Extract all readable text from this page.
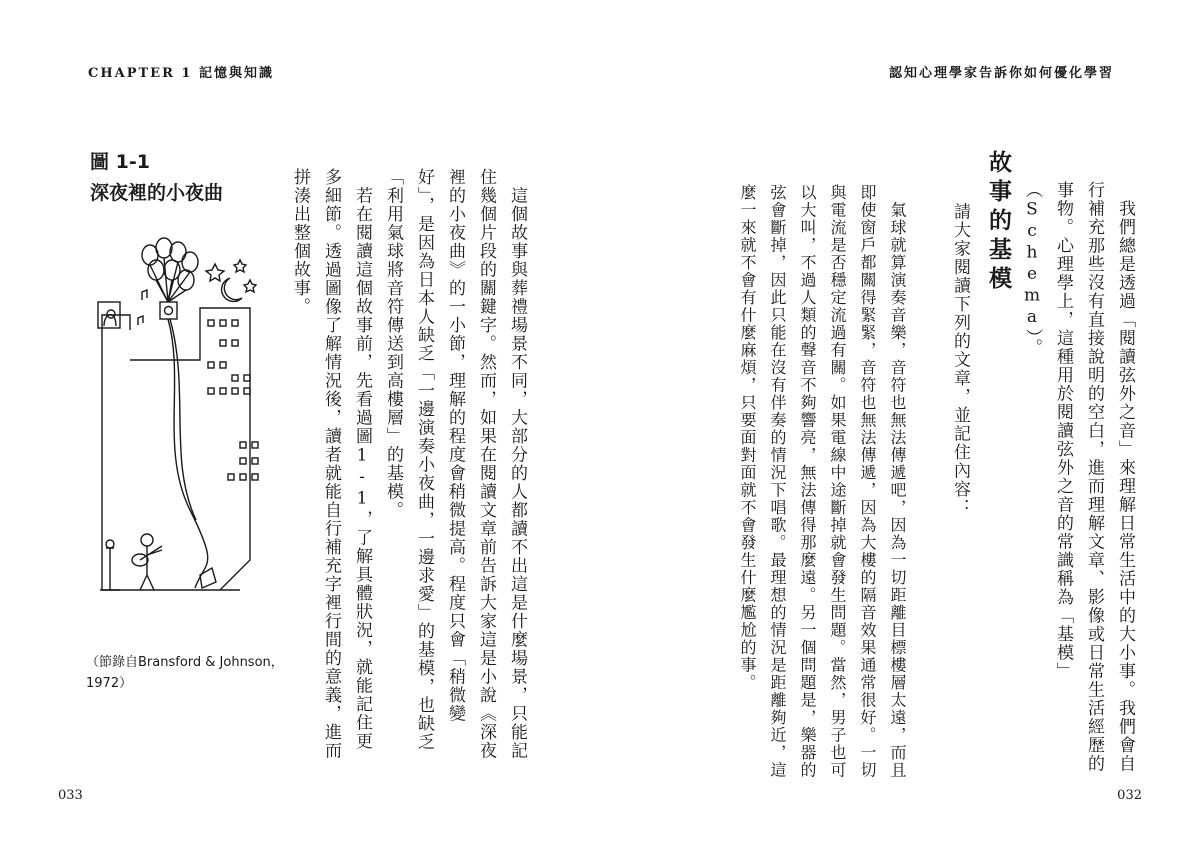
CHAPTER 1 記憶與知識	認知心理學家告訴你如何優化學習
圖 1-1
深夜裡的小夜曲
（節錄自Bransford & Johnson，1972）	　這個故事與葬禮場景不同，大部分的人都讀不出這是什麼場景，只能記住幾個片段的關鍵字。然而，如果在閱讀文章前告訴大家這是小說《深夜裡的小夜曲》的一小節，理解的程度會稍微提高。程度只會「稍微變好」，是因為日本人缺乏「一邊演奏小夜曲，一邊求愛」的基模，也缺乏「利用氣球將音符傳送到高樓層」的基模。
　若在閱讀這個故事前，先看過圖1-1，了解具體狀況，就能記住更多細節。透過圖像了解情況後，讀者就能自行補充字裡行間的意義，進而拼湊出整個故事。	　我們總是透過「閱讀弦外之音」來理解日常生活中的大小事。我們會自行補充那些沒有直接說明的空白，進而理解文章、影像或日常生活經歷的事物。心理學上，這種用於閱讀弦外之音的常識稱為「基模」（Schema）。
故事的基模
　請大家閱讀下列的文章，並記住內容：
　氣球就算演奏音樂，音符也無法傳遞吧，因為一切距離目標樓層太遠，而且即使窗戶都關得緊緊，音符也無法傳遞，因為大樓的隔音效果通常很好。一切與電流是否穩定流過有關。如果電線中途斷掉就會發生問題。當然，男子也可以大叫，不過人類的聲音不夠響亮，無法傳得那麼遠。另一個問題是，樂器的弦會斷掉，因此只能在沒有伴奏的情況下唱歌。最理想的情況是距離夠近，這麼一來就不會有什麼麻煩，只要面對面就不會發生什麼尷尬的事。
033	032
